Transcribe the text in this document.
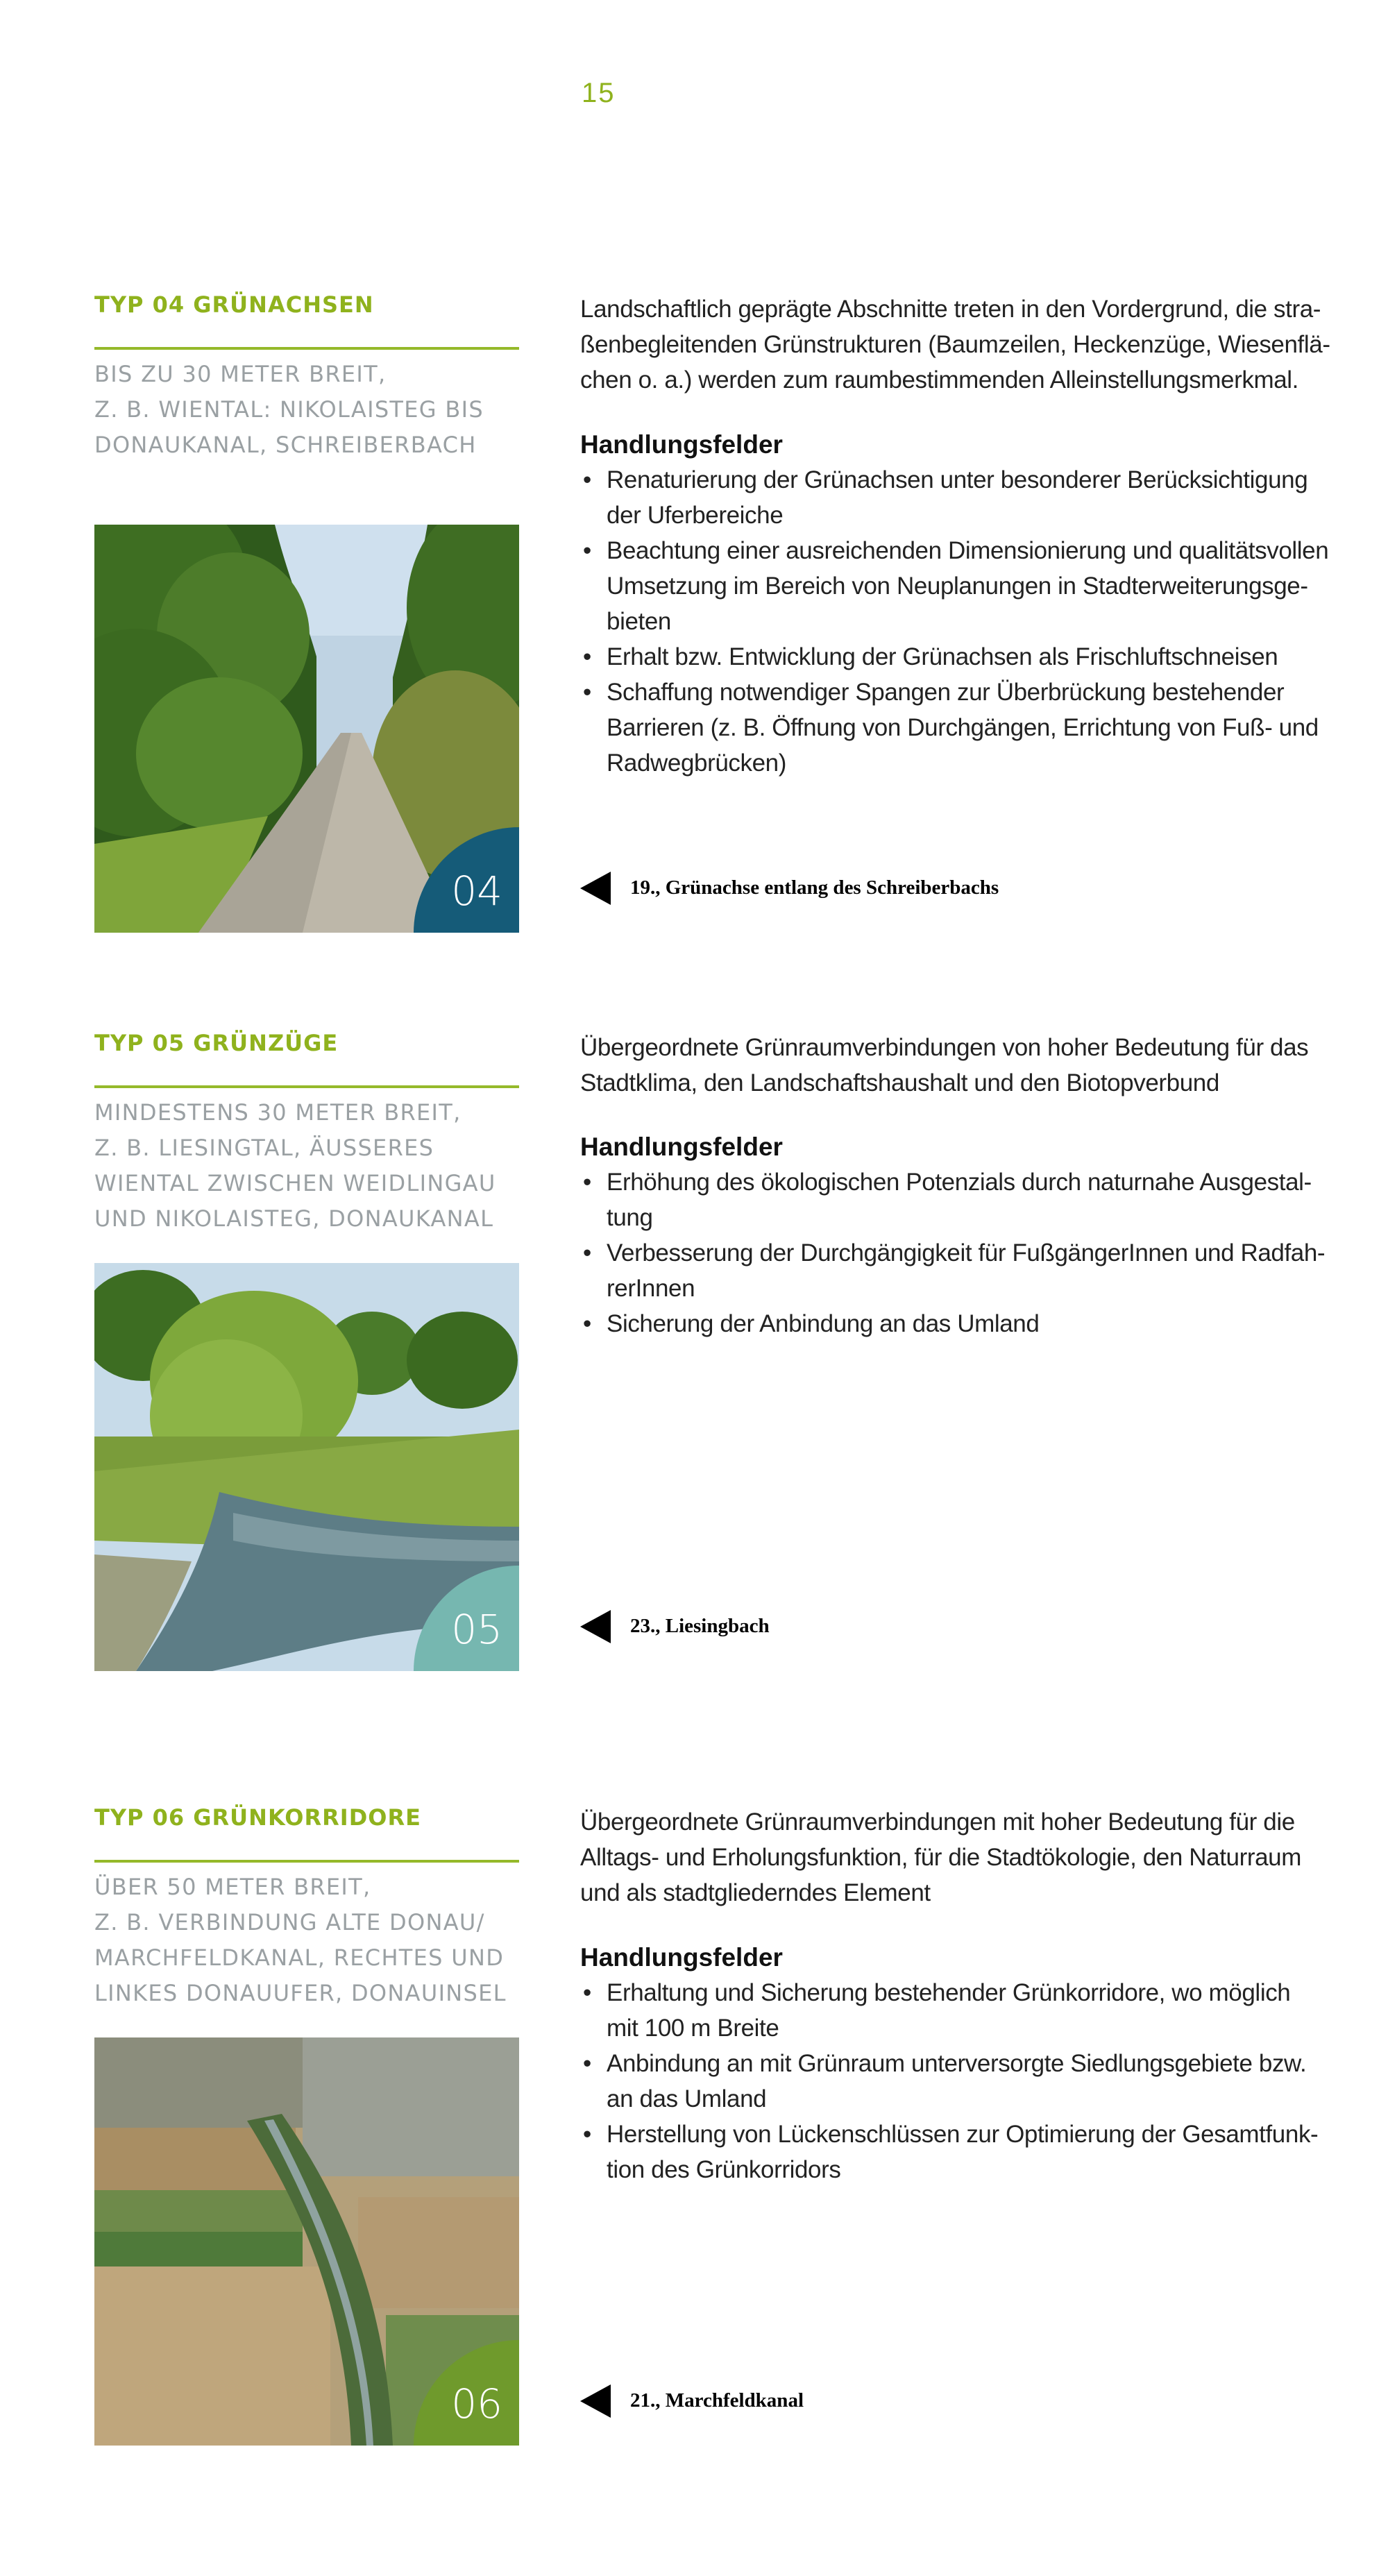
15
TYP 04 GRÜNACHSEN
BIS ZU 30 METER BREIT,
Z. B. WIENTAL: NIKOLAISTEG BIS
DONAUKANAL, SCHREIBERBACH
04
Landschaftlich geprägte Abschnitte treten in den Vordergrund, die stra-
ßenbegleitenden Grünstrukturen (Baumzeilen, Heckenzüge, Wiesenflä-
chen o. a.) werden zum raumbestimmenden Alleinstellungsmerkmal.
Handlungsfelder
• Renaturierung der Grünachsen unter besonderer Berücksichtigung
der Uferbereiche
• Beachtung einer ausreichenden Dimensionierung und qualitätsvollen
Umsetzung im Bereich von Neuplanungen in Stadterweiterungsge-
bieten
• Erhalt bzw. Entwicklung der Grünachsen als Frischluftschneisen
• Schaffung notwendiger Spangen zur Überbrückung bestehender
Barrieren (z. B. Öffnung von Durchgängen, Errichtung von Fuß- und
Radwegbrücken)
19., Grünachse entlang des Schreiberbachs
TYP 05 GRÜNZÜGE
MINDESTENS 30 METER BREIT,
Z. B. LIESINGTAL, ÄUSSERES
WIENTAL ZWISCHEN WEIDLINGAU
UND NIKOLAISTEG, DONAUKANAL
05
Übergeordnete Grünraumverbindungen von hoher Bedeutung für das
Stadtklima, den Landschaftshaushalt und den Biotopverbund
Handlungsfelder
• Erhöhung des ökologischen Potenzials durch naturnahe Ausgestal-
tung
• Verbesserung der Durchgängigkeit für FußgängerInnen und Radfah-
rerInnen
• Sicherung der Anbindung an das Umland
23., Liesingbach
TYP 06 GRÜNKORRIDORE
ÜBER 50 METER BREIT,
Z. B. VERBINDUNG ALTE DONAU/
MARCHFELDKANAL, RECHTES UND
LINKES DONAUUFER, DONAUINSEL
06
Übergeordnete Grünraumverbindungen mit hoher Bedeutung für die
Alltags- und Erholungsfunktion, für die Stadtökologie, den Naturraum
und als stadtgliederndes Element
Handlungsfelder
• Erhaltung und Sicherung bestehender Grünkorridore, wo möglich
mit 100 m Breite
• Anbindung an mit Grünraum unterversorgte Siedlungsgebiete bzw.
an das Umland
• Herstellung von Lückenschlüssen zur Optimierung der Gesamtfunk-
tion des Grünkorridors
21., Marchfeldkanal
